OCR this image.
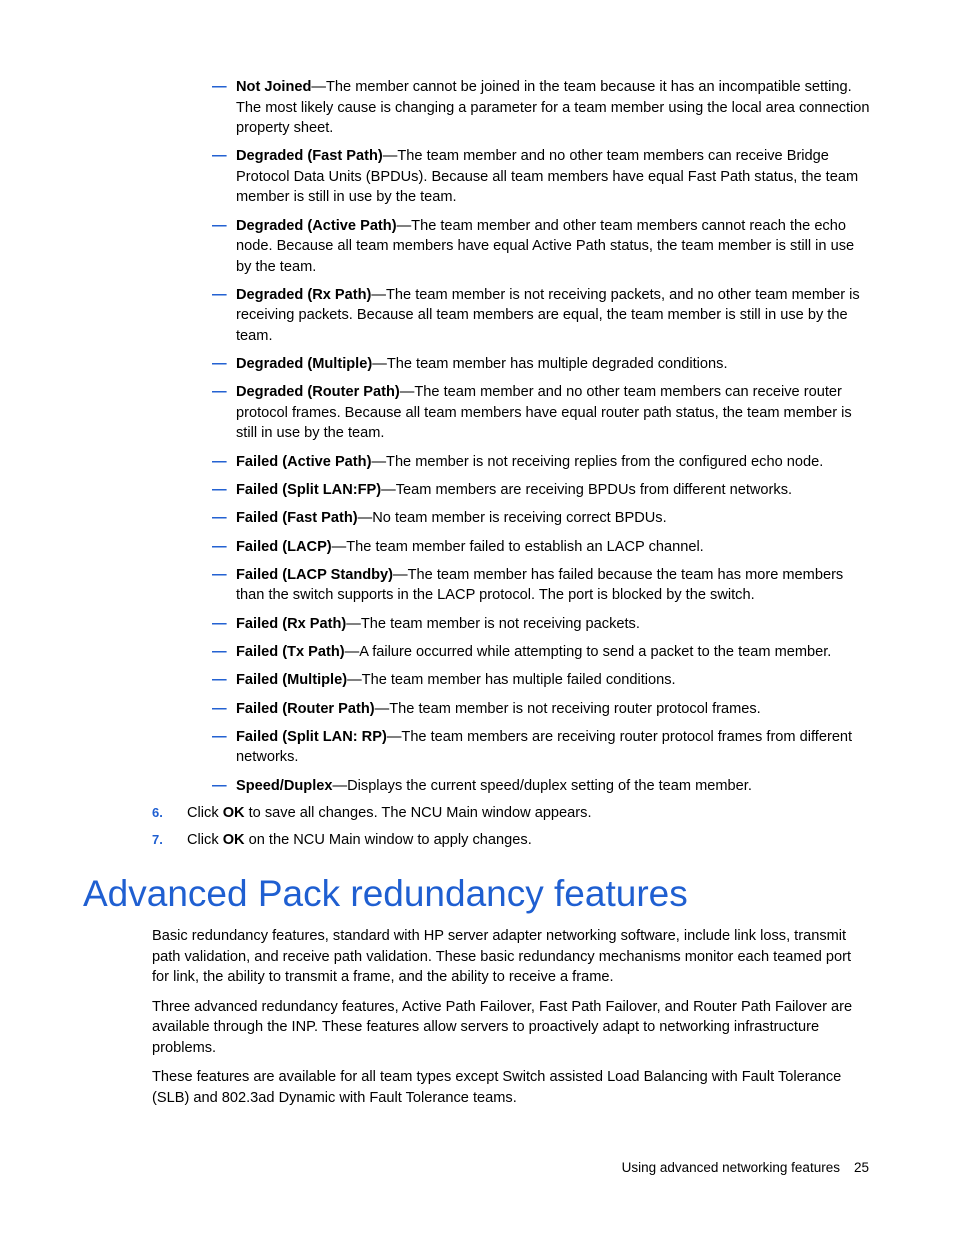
— Not Joined—The member cannot be joined in the team because it has an incompatible setting. The most likely cause is changing a parameter for a team member using the local area connection property sheet.
— Degraded (Fast Path)—The team member and no other team members can receive Bridge Protocol Data Units (BPDUs). Because all team members have equal Fast Path status, the team member is still in use by the team.
— Degraded (Active Path)—The team member and other team members cannot reach the echo node. Because all team members have equal Active Path status, the team member is still in use by the team.
— Degraded (Rx Path)—The team member is not receiving packets, and no other team member is receiving packets. Because all team members are equal, the team member is still in use by the team.
— Degraded (Multiple)—The team member has multiple degraded conditions.
— Degraded (Router Path)—The team member and no other team members can receive router protocol frames. Because all team members have equal router path status, the team member is still in use by the team.
— Failed (Active Path)—The member is not receiving replies from the configured echo node.
— Failed (Split LAN:FP)—Team members are receiving BPDUs from different networks.
— Failed (Fast Path)—No team member is receiving correct BPDUs.
— Failed (LACP)—The team member failed to establish an LACP channel.
— Failed (LACP Standby)—The team member has failed because the team has more members than the switch supports in the LACP protocol. The port is blocked by the switch.
— Failed (Rx Path)—The team member is not receiving packets.
— Failed (Tx Path)—A failure occurred while attempting to send a packet to the team member.
— Failed (Multiple)—The team member has multiple failed conditions.
— Failed (Router Path)—The team member is not receiving router protocol frames.
— Failed (Split LAN: RP)—The team members are receiving router protocol frames from different networks.
— Speed/Duplex—Displays the current speed/duplex setting of the team member.
6. Click OK to save all changes. The NCU Main window appears.
7. Click OK on the NCU Main window to apply changes.
Advanced Pack redundancy features

Basic redundancy features, standard with HP server adapter networking software, include link loss, transmit path validation, and receive path validation. These basic redundancy mechanisms monitor each teamed port for link, the ability to transmit a frame, and the ability to receive a frame.

Three advanced redundancy features, Active Path Failover, Fast Path Failover, and Router Path Failover are available through the INP. These features allow servers to proactively adapt to networking infrastructure problems.

These features are available for all team types except Switch assisted Load Balancing with Fault Tolerance (SLB) and 802.3ad Dynamic with Fault Tolerance teams.

Using advanced networking features 25
